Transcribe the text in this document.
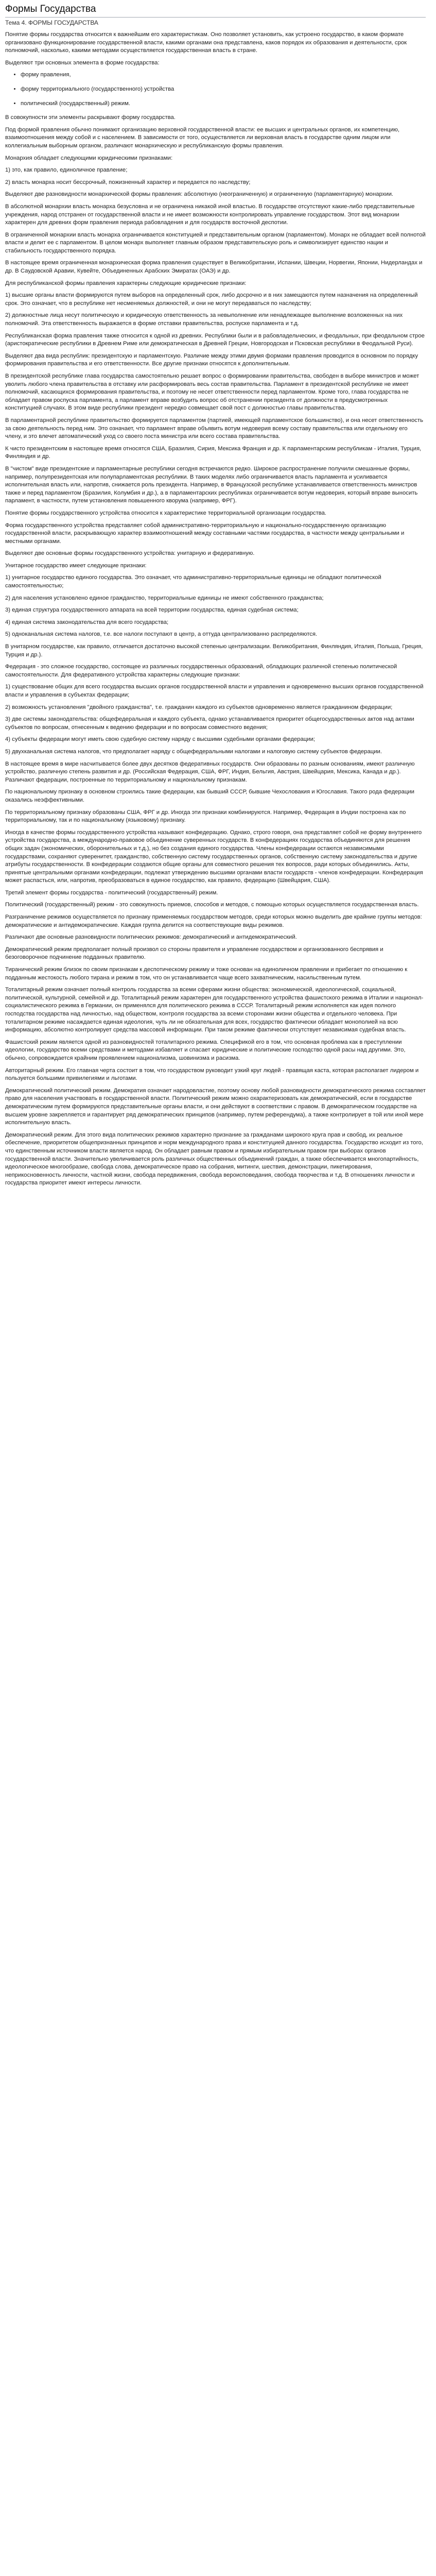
Формы Государства
Тема 4. ФОРМЫ ГОСУДАРСТВА

Понятие формы государства относится к важнейшим его характеристикам. Оно позволяет установить, как устроено государство, в каком формате организовано функционирование государственной власти, какими органами она представлена, каков порядок их образования и деятельности, срок полномочий, насколько, какими методами осуществляется государственная власть в стране.

Выделяют три основных элемента в форме государства:

• форму правления,
• форму территориального (государственного) устройства
• политический (государственный) режим.

В совокупности эти элементы раскрывают форму государства.

Под формой правления обычно понимают организацию верховной государственной власти: ее высших и центральных органов, их компетенцию, взаимоотношения между собой и с населением. В зависимости от того, осуществляется ли верховная власть в государстве одним лицом или коллегиальным выборным органом, различают монархическую и республиканскую формы правления.

Монархия обладает следующими юридическими признаками:

1) это, как правило, единоличное правление;

2) власть монарха носит бессрочный, пожизненный характер и передается по наследству;

Выделяют две разновидности монархической формы правления: абсолютную (неограниченную) и ограниченную (парламентарную) монархии.

В абсолютной монархии власть монарха безусловна и не ограничена никакой иной властью. В государстве отсутствуют какие-либо представительные учреждения, народ отстранен от государственной власти и не имеет возможности контролировать управление государством. Этот вид монархии характерен для древних форм правления периода рабовладения и для государств восточной деспотии.

В ограниченной монархии власть монарха ограничивается конституцией и представительным органом (парламентом). Монарх не обладает всей полнотой власти и делит ее с парламентом. В целом монарх выполняет главным образом представительскую роль и символизирует единство нации и стабильность государственного порядка.

В настоящее время ограниченная монархическая форма правления существует в Великобритании, Испании, Швеции, Норвегии, Японии, Нидерландах и др. В Саудовской Аравии, Кувейте, Объединенных Арабских Эмиратах (ОАЭ) и др.

Для республиканской формы правления характерны следующие юридические признаки:

1) высшие органы власти формируются путем выборов на определенный срок, либо досрочно и в них замещаются путем назначения на определенный срок. Это означает, что в республике нет несменяемых должностей, и они не могут передаваться по наследству;

2) должностные лица несут политическую и юридическую ответственность за невыполнение или ненадлежащее выполнение возложенных на них полномочий. Эта ответственность выражается в форме отставки правительства, роспуске парламента и т.д.

Республиканская форма правления также относится к одной из древних. Республики были и в рабовладельческих, и феодальных, при феодальном строе (аристократические республики в Древнем Риме или демократическая в Древней Греции, Новгородская и Псковская республики в Феодальной Руси).

Выделяют два вида республик: президентскую и парламентскую. Различие между этими двумя формами правления проводится в основном по порядку формирования правительства и его ответственности. Все другие признаки относятся к дополнительным.

В президентской республике глава государства самостоятельно решает вопрос о формировании правительства, свободен в выборе министров и может уволить любого члена правительства в отставку или расформировать весь состав правительства. Парламент в президентской республике не имеет полномочий, касающихся формирования правительства, и поэтому не несет ответственности перед парламентом. Кроме того, глава государства не обладает правом роспуска парламента, а парламент вправе возбудить вопрос об отстранении президента от должности в предусмотренных конституцией случаях. В этом виде республики президент нередко совмещает свой пост с должностью главы правительства.

В парламентарной республике правительство формируется парламентом (партией, имеющей парламентское большинство), и она несет ответственность за свою деятельность перед ним. Это означает, что парламент вправе объявить вотум недоверия всему составу правительства или отдельному его члену, и это влечет автоматический уход со своего поста министра или всего состава правительства.

К чисто президентским в настоящее время относятся США, Бразилия, Сирия, Мексика Франция и др. К парламентарским республикам - Италия, Турция, Финляндия и др.

В "чистом" виде президентские и парламентарные республики сегодня встречаются редко. Широкое распространение получили смешанные формы, например, полупрезидентская или полупарламентская республики. В таких моделях либо ограничивается власть парламента и усиливается исполнительная власть или, напротив, снижается роль президента. Например, в Французской республике устанавливается ответственность министров также и перед парламентом (Бразилия, Колумбия и др.), а в парламентарских республиках ограничивается вотум недоверия, который вправе выносить парламент, в частности, путем установления повышенного кворума (например, ФРГ).

Понятие формы государственного устройства относится к характеристике территориальной организации государства.

Форма государственного устройства представляет собой административно-территориальную и национально-государственную организацию государственной власти, раскрывающую характер взаимоотношений между составными частями государства, в частности между центральными и местными органами.

Выделяют две основные формы государственного устройства: унитарную и федеративную.

Унитарное государство имеет следующие признаки:

1) унитарное государство единого государства. Это означает, что административно-территориальные единицы не обладают политической самостоятельностью;

2) для населения установлено единое гражданство, территориальные единицы не имеют собственного гражданства;

3) единая структура государственного аппарата на всей территории государства, единая судебная система;

4) единая система законодательства для всего государства;

5) одноканальная система налогов, т.е. все налоги поступают в центр, а оттуда централизованно распределяются.

В унитарном государстве, как правило, отличается достаточно высокой степенью централизации. Великобритания, Финляндия, Италия, Польша, Греция, Турция и др.).

Федерация - это сложное государство, состоящее из различных государственных образований, обладающих различной степенью политической самостоятельности. Для федеративного устройства характерны следующие признаки:

1) существование общих для всего государства высших органов государственной власти и управления и одновременно высших органов государственной власти и управления в субъектах федерации;

2) возможность установления "двойного гражданства", т.е. гражданин каждого из субъектов одновременно является гражданином федерации;

3) две системы законодательства: общефедеральная и каждого субъекта, однако устанавливается приоритет общегосударственных актов над актами субъектов по вопросам, отнесенным к ведению федерации и по вопросам совместного ведения;

4) субъекты федерации могут иметь свою судебную систему наряду с высшими судебными органами федерации;

5) двухканальная система налогов, что предполагает наряду с общефедеральными налогами и налоговую систему субъектов федерации.

В настоящее время в мире насчитывается более двух десятков федеративных государств. Они образованы по разным основаниям, имеют различную устройство, различную степень развития и др. (Российская Федерация, США, ФРГ, Индия, Бельгия, Австрия, Швейцария, Мексика, Канада и др.). Различают федерации, построенные по территориальному и национальному признакам.

По национальному признаку в основном строились такие федерации, как бывший СССР, бывшие Чехословакия и Югославия. Такого рода федерации оказались неэффективными.

По территориальному признаку образованы США, ФРГ и др. Иногда эти признаки комбинируются. Например, Федерация в Индии построена как по территориальному, так и по национальному (языковому) признаку.

Иногда в качестве формы государственного устройства называют конфедерацию. Однако, строго говоря, она представляет собой не форму внутреннего устройства государства, а международно-правовое объединение суверенных государств. В конфедерациях государства объединяются для решения общих задач (экономических, оборонительных и т.д.), но без создания единого государства. Члены конфедерации остаются независимыми государствами, сохраняют суверенитет, гражданство, собственную систему государственных органов, собственную систему законодательства и другие атрибуты государственности. В конфедерации создаются общие органы для совместного решения тех вопросов, ради которых объединились. Акты, принятые центральными органами конфедерации, подлежат утверждению высшими органами власти государств - членов конфедерации. Конфедерация может распасться, или, напротив, преобразоваться в единое государство, как правило, федерацию (Швейцария, США).

Третий элемент формы государства - политический (государственный) режим.

Политический (государственный) режим - это совокупность приемов, способов и методов, с помощью которых осуществляется государственная власть.

Разграничение режимов осуществляется по признаку применяемых государством методов, среди которых можно выделить две крайние группы методов: демократические и антидемократические. Каждая группа делится на соответствующие виды режимов.

Различают две основные разновидности политических режимов: демократический и антидемократический.

Демократический режим предполагает полный произвол со стороны правителя и управление государством и организованного беспрявия и безоговорочное подчинение подданных правителю.

Тиранический режим близок по своим признакам к деспотическому режиму и тоже основан на единоличном правлении и прибегает по отношению к подданным жестокость любого тирана и режим в том, что он устанавливается чаще всего захватническим, насильственным путем.

Тоталитарный режим означает полный контроль государства за всеми сферами жизни общества: экономической, идеологической, социальной, политической, культурной, семейной и др. Тоталитарный режим характерен для государственного устройства фашистского режима в Италии и национал-социалистического режима в Германии, он применялся для политического режима в СССР. Тоталитарный режим исполняется как идея полного господства государства над личностью, над обществом, контроля государства за всеми сторонами жизни общества и отдельного человека. При тоталитарном режиме насаждается единая идеология, чуть ли не обязательная для всех, государство фактически обладает монополией на всю информацию, абсолютно контролирует средства массовой информации. При таком режиме фактически отсутствует независимая судебная власть.

Фашистский режим является одной из разновидностей тоталитарного режима. Спецификой его в том, что основная проблема как в преступлении идеологии, государство всеми средствами и методами избавляет и спасает юридические и политические господство одной расы над другими. Это, обычно, сопровождается крайним проявлением национализма, шовинизма и расизма.

Авторитарный режим. Его главная черта состоит в том, что государством руководит узкий круг людей - правящая каста, которая располагает лидером и пользуется большими привилегиями и льготами.

Демократический политический режим. Демократия означает народовластие, поэтому основу любой разновидности демократического режима составляет право для населения участвовать в государственной власти. Политический режим можно охарактеризовать как демократический, если в государстве демократическим путем формируются представительные органы власти, и они действуют в соответствии с правом. В демократическом государстве на высшем уровне закрепляется и гарантирует ряд демократических принципов (например, путем референдума), а также контролирует в той или иной мере исполнительную власть.

Демократический режим. Для этого вида политических режимов характерно признание за гражданами широкого круга прав и свобод, их реальное обеспечение, приоритетом общепризнанных принципов и норм международного права и конституцией данного государства. Государство исходит из того, что единственным источником власти является народ. Он обладает равным правом и прямым избирательным правом при выборах органов государственной власти. Значительно увеличивается роль различных общественных объединений граждан, а также обеспечивается многопартийность, идеологическое многообразие, свобода слова, демократическое право на собрания, митинги, шествия, демонстрации, пикетирования, неприкосновенность личности, частной жизни, свобода передвижения, свобода вероисповедания, свобода творчества и т.д. В отношениях личности и государства приоритет имеют интересы личности.
